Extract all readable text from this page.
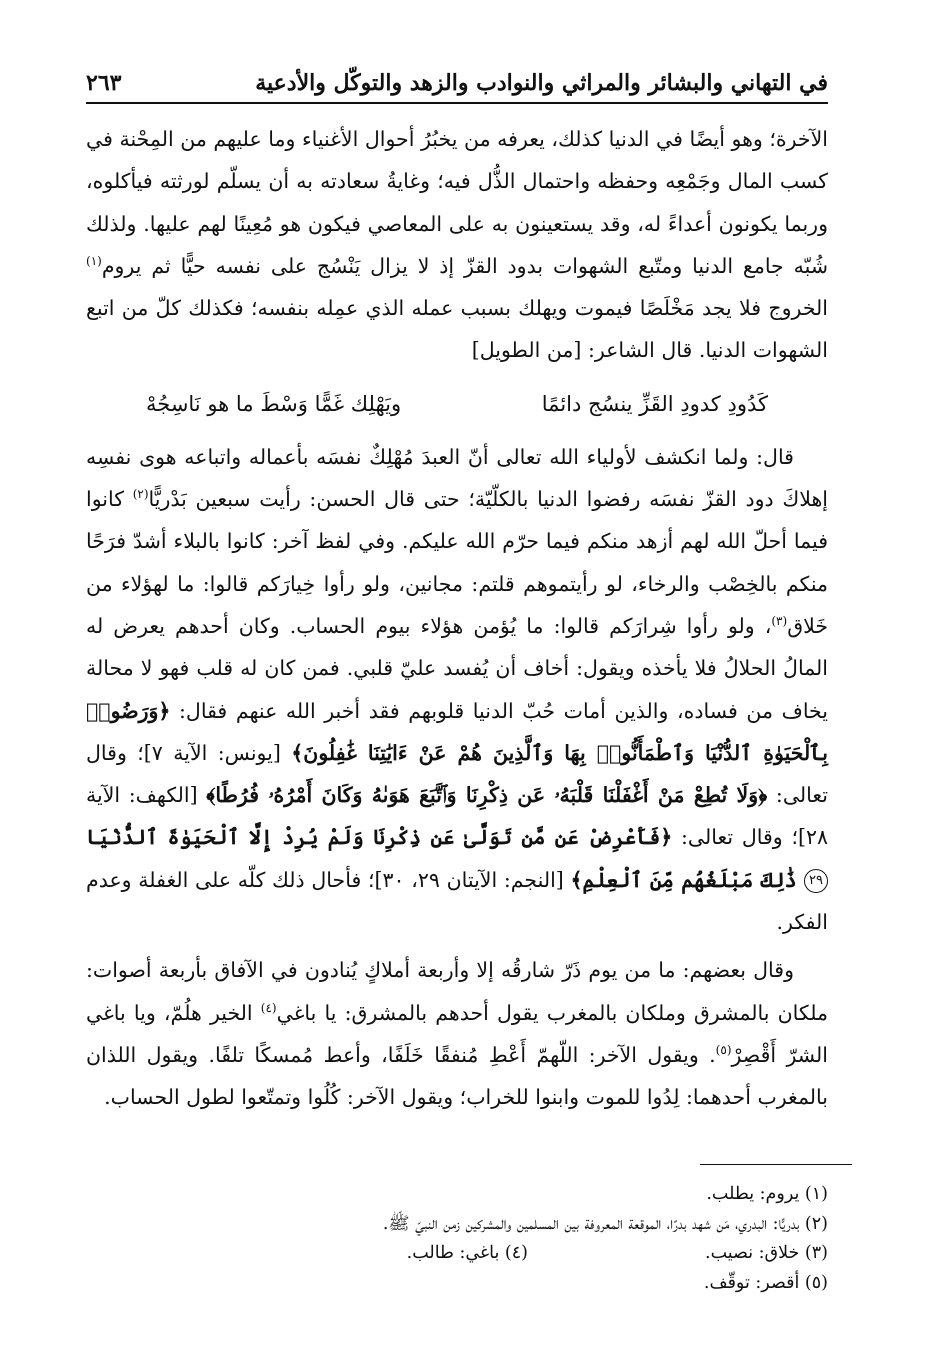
في التهاني والبشائر والمراثي والنوادب والزهد والتوكّل والأدعية
٢٦٣

الآخرة؛ وهو أيضًا في الدنيا كذلك، يعرفه من يخبُرُ أحوال الأغنياء وما عليهم من المِحْنة في كسب المال وجَمْعِه وحفظه واحتمال الذُّل فيه؛ وغايةُ سعادته به أن يسلّم لورثته فيأكلوه، وربما يكونون أعداءً له، وقد يستعينون به على المعاصي فيكون هو مُعِينًا لهم عليها. ولذلك شُبّه جامع الدنيا ومتّبع الشهوات بدود القزّ إذ لا يزال يَنْسُج على نفسه حيًّا ثم يروم$^{(١)}$ الخروج فلا يجد مَخْلَصًا فيموت ويهلك بسبب عمله الذي عمِله بنفسه؛ فكذلك كلّ من اتبع الشهوات الدنيا. قال الشاعر: [من الطويل]

كَدُودِ كدودِ القَزِّ ينسُج دائمًا
ويَهْلِك غَمًّا وَسْطَ ما هو نَاسِجُهْ

قال: ولما انكشف لأولياء الله تعالى أنّ العبدَ مُهْلِكٌ نفسَه بأعماله واتباعه هوى نفسِه إهلاكَ دود القزّ نفسَه رفضوا الدنيا بالكلّيّة؛ حتى قال الحسن: رأيت سبعين بَدْريًّا$^{(٢)}$ كانوا فيما أحلّ الله لهم أزهد منكم فيما حرّم الله عليكم. وفي لفظ آخر: كانوا بالبلاء أشدّ فرَحًا منكم بالخِصْب والرخاء، لو رأيتموهم قلتم: مجانين، ولو رأوا خِيارَكم قالوا: ما لهؤلاء من خَلاق$^{(٣)}$، ولو رأوا شِرارَكم قالوا: ما يُؤمن هؤلاء بيوم الحساب. وكان أحدهم يعرض له المالُ الحلالُ فلا يأخذه ويقول: أخاف أن يُفسد عليّ قلبي. فمن كان له قلب فهو لا محالة يخاف من فساده، والذين أمات حُبّ الدنيا قلوبهم فقد أخبر الله عنهم فقال: ﴿وَرَضُوا۟ بِٱلْحَيَوٰةِ ٱلدُّنْيَا وَٱطْمَأَنُّوا۟ بِهَا وَٱلَّذِينَ هُمْ عَنْ ءَايَٰتِنَا غَٰفِلُونَ﴾ [يونس: الآية ٧]؛ وقال تعالى: ﴿وَلَا تُطِعْ مَنْ أَغْفَلْنَا قَلْبَهُۥ عَن ذِكْرِنَا وَٱتَّبَعَ هَوَىٰهُ وَكَانَ أَمْرُهُۥ فُرُطًا﴾ [الكهف: الآية ٢٨]؛ وقال تعالى: ﴿فَأَعْرِضْ عَن مَّن تَوَلَّىٰ عَن ذِكْرِنَا وَلَمْ يُرِدْ إِلَّا ٱلْحَيَوٰةَ ٱلدُّنْيَا ٢٩ ذَٰلِكَ مَبْلَغُهُم مِّنَ ٱلْعِلْمِ﴾ [النجم: الآيتان ٢٩، ٣٠]؛ فأحال ذلك كلّه على الغفلة وعدم الفكر.

وقال بعضهم: ما من يوم ذَرّ شارقُه إلا وأربعة أملاكٍ يُنادون في الآفاق بأربعة أصوات: ملكان بالمشرق وملكان بالمغرب يقول أحدهم بالمشرق: يا باغي$^{(٤)}$ الخير هلُمّ، ويا باغي الشرّ أَقْصِرْ$^{(٥)}$. ويقول الآخر: اللّهمّ أَعْطِ مُنفقًا خَلَفًا، وأعط مُمسكًا تلفًا. ويقول اللذان بالمغرب أحدهما: لِدُوا للموت وابنوا للخراب؛ ويقول الآخر: كُلُوا وتمتّعوا لطول الحساب.

(١) يروم: يطلب.
(٢) بدريًّا: البدري، مَن شهد بدرًا، الموقعة المعروفة بين المسلمين والمشركين زمن النبيّ ﷺ.
(٣) خلاق: نصيب.
(٤) باغي: طالب.
(٥) أقصر: توقّف.
